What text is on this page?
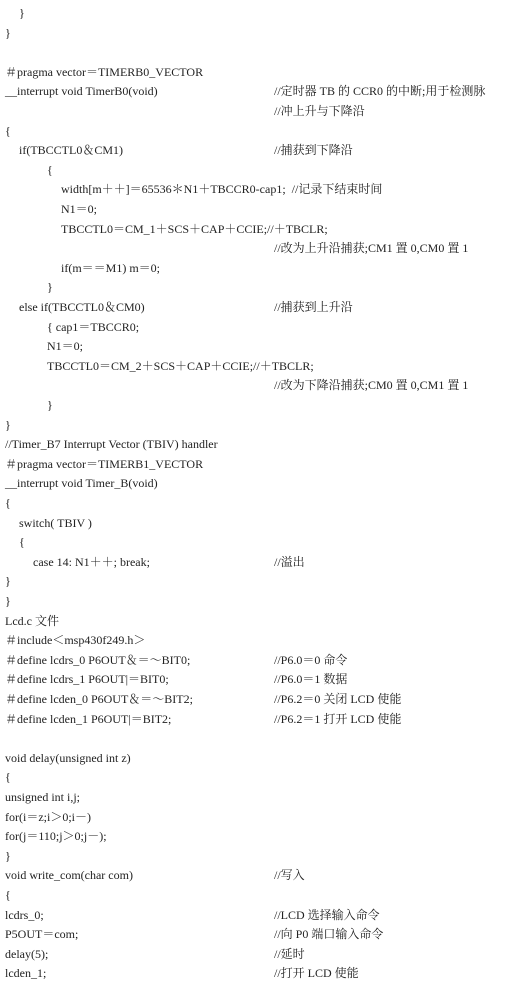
}
}
＃pragma vector＝TIMERB0_VECTOR
__interrupt void TimerB0(void)	//定时器 TB 的 CCR0 的中断;用于检测脉
//冲上升与下降沿
{
if(TBCCTL0＆CM1)	//捕获到下降沿
{
width[m＋＋]＝65536＊N1＋TBCCR0-cap1;  //记录下结束时间
N1＝0;
TBCCTL0＝CM_1＋SCS＋CAP＋CCIE;//＋TBCLR;
//改为上升沿捕获;CM1 置 0,CM0 置 1
if(m＝＝M1) m＝0;
}
else if(TBCCTL0＆CM0)	//捕获到上升沿
{ cap1＝TBCCR0;
N1＝0;
TBCCTL0＝CM_2＋SCS＋CAP＋CCIE;//＋TBCLR;
//改为下降沿捕获;CM0 置 0,CM1 置 1
}
}
//Timer_B7 Interrupt Vector (TBIV) handler
＃pragma vector＝TIMERB1_VECTOR
__interrupt void Timer_B(void)
{
switch( TBIV )
{
case 14: N1＋＋; break;	//溢出
}
}
Lcd.c 文件
＃include＜msp430f249.h＞
＃define lcdrs_0 P6OUT＆＝～BIT0;	//P6.0＝0 命令
＃define lcdrs_1 P6OUT|＝BIT0;	//P6.0＝1 数据
＃define lcden_0 P6OUT＆＝～BIT2;	//P6.2＝0 关闭 LCD 使能
＃define lcden_1 P6OUT|＝BIT2;	//P6.2＝1 打开 LCD 使能
void delay(unsigned int z)
{
unsigned int i,j;
for(i＝z;i＞0;i－)
for(j＝110;j＞0;j－);
}
void write_com(char com)	//写入
{
lcdrs_0;	//LCD 选择输入命令
P5OUT＝com;	//向 P0 端口输入命令
delay(5);	//延时
lcden_1;	//打开 LCD 使能
